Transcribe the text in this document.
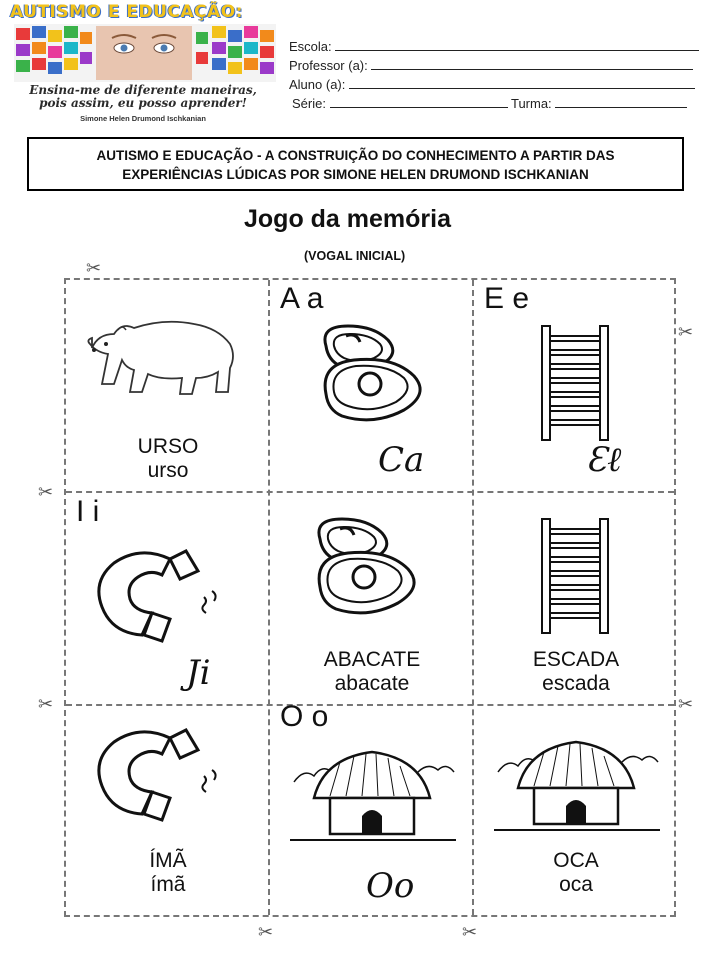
AUTISMO E EDUCAÇÃO:
Ensina-me de diferente maneiras,
pois assim, eu posso aprender!
Simone Helen Drumond Ischkanian
Escola:
Professor (a):
Aluno (a):
Série:	Turma:
AUTISMO E EDUCAÇÃO - A CONSTRUIÇÃO DO CONHECIMENTO A PARTIR DAS
EXPERIÊNCIAS LÚDICAS POR SIMONE HELEN DRUMOND ISCHKANIAN
Jogo da memória
(VOGAL INICIAL)
✂
✂
✂
✂	✂
✂	✂
URSO
urso
A a
Ca
E e
Ɛℓ
I i
Ji	ABACATE
abacate
ESCADA
escada
ÍMÃ
ímã
O o
Oo
OCA
oca
